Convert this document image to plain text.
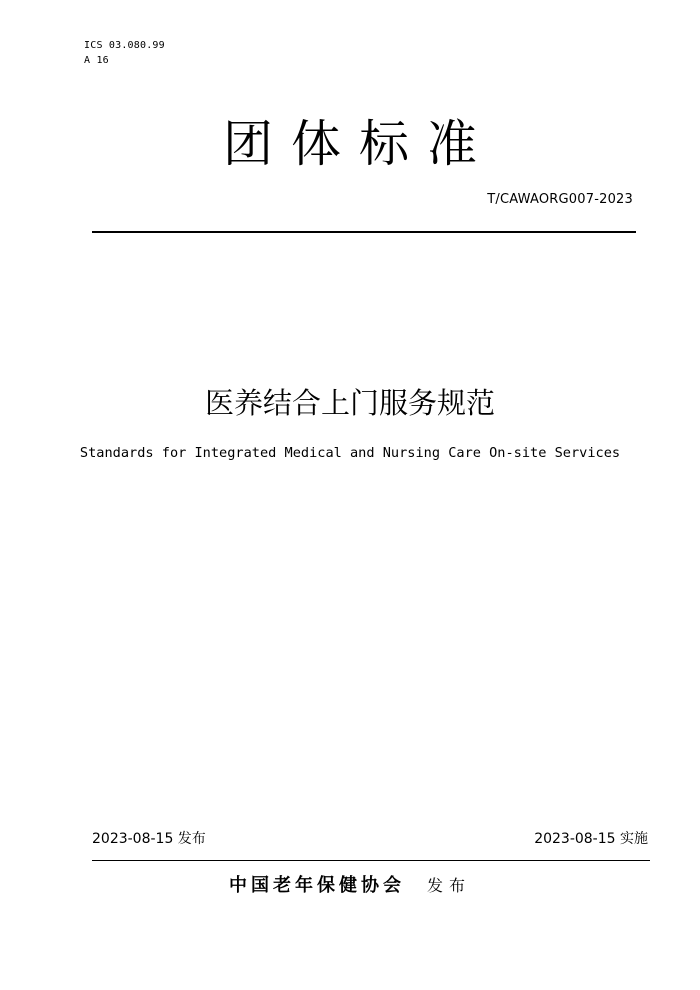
ICS 03.080.99
A 16
团体标准
T/CAWAORG007-2023
医养结合上门服务规范
Standards for Integrated Medical and Nursing Care On-site Services
2023-08-15 发布	2023-08-15 实施
中国老年保健协会 发布
